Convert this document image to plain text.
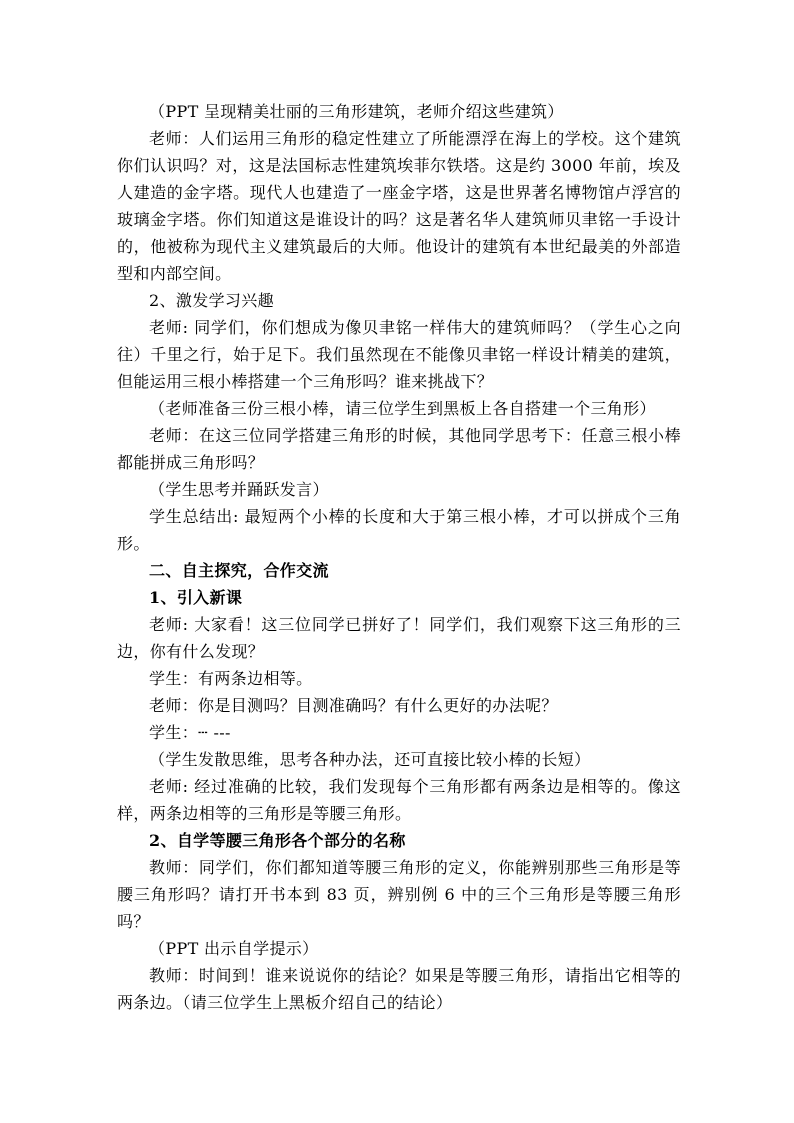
（PPT 呈现精美壮丽的三角形建筑，老师介绍这些建筑）

老师：人们运用三角形的稳定性建立了所能漂浮在海上的学校。这个建筑你们认识吗？对，这是法国标志性建筑埃菲尔铁塔。这是约 3000 年前，埃及人建造的金字塔。现代人也建造了一座金字塔，这是世界著名博物馆卢浮宫的玻璃金字塔。你们知道这是谁设计的吗？这是著名华人建筑师贝聿铭一手设计的，他被称为现代主义建筑最后的大师。他设计的建筑有本世纪最美的外部造型和内部空间。

2、激发学习兴趣

老师: 同学们，你们想成为像贝聿铭一样伟大的建筑师吗？（学生心之向往）千里之行，始于足下。我们虽然现在不能像贝聿铭一样设计精美的建筑，但能运用三根小棒搭建一个三角形吗？谁来挑战下？

（老师准备三份三根小棒，请三位学生到黑板上各自搭建一个三角形）

老师：在这三位同学搭建三角形的时候，其他同学思考下：任意三根小棒都能拼成三角形吗？

（学生思考并踊跃发言）

学生总结出: 最短两个小棒的长度和大于第三根小棒，才可以拼成个三角形。

二、自主探究，合作交流

1、引入新课

老师: 大家看！这三位同学已拼好了！同学们，我们观察下这三角形的三边，你有什么发现？

学生：有两条边相等。

老师：你是目测吗？目测准确吗？有什么更好的办法呢？

学生：┄ ---

（学生发散思维，思考各种办法，还可直接比较小棒的长短）

老师: 经过准确的比较，我们发现每个三角形都有两条边是相等的。像这样，两条边相等的三角形是等腰三角形。

2、自学等腰三角形各个部分的名称

教师：同学们，你们都知道等腰三角形的定义，你能辨别那些三角形是等腰三角形吗？请打开书本到 83 页，辨别例 6 中的三个三角形是等腰三角形吗？

（PPT 出示自学提示）

教师：时间到！谁来说说你的结论？如果是等腰三角形，请指出它相等的两条边。（请三位学生上黑板介绍自己的结论）
